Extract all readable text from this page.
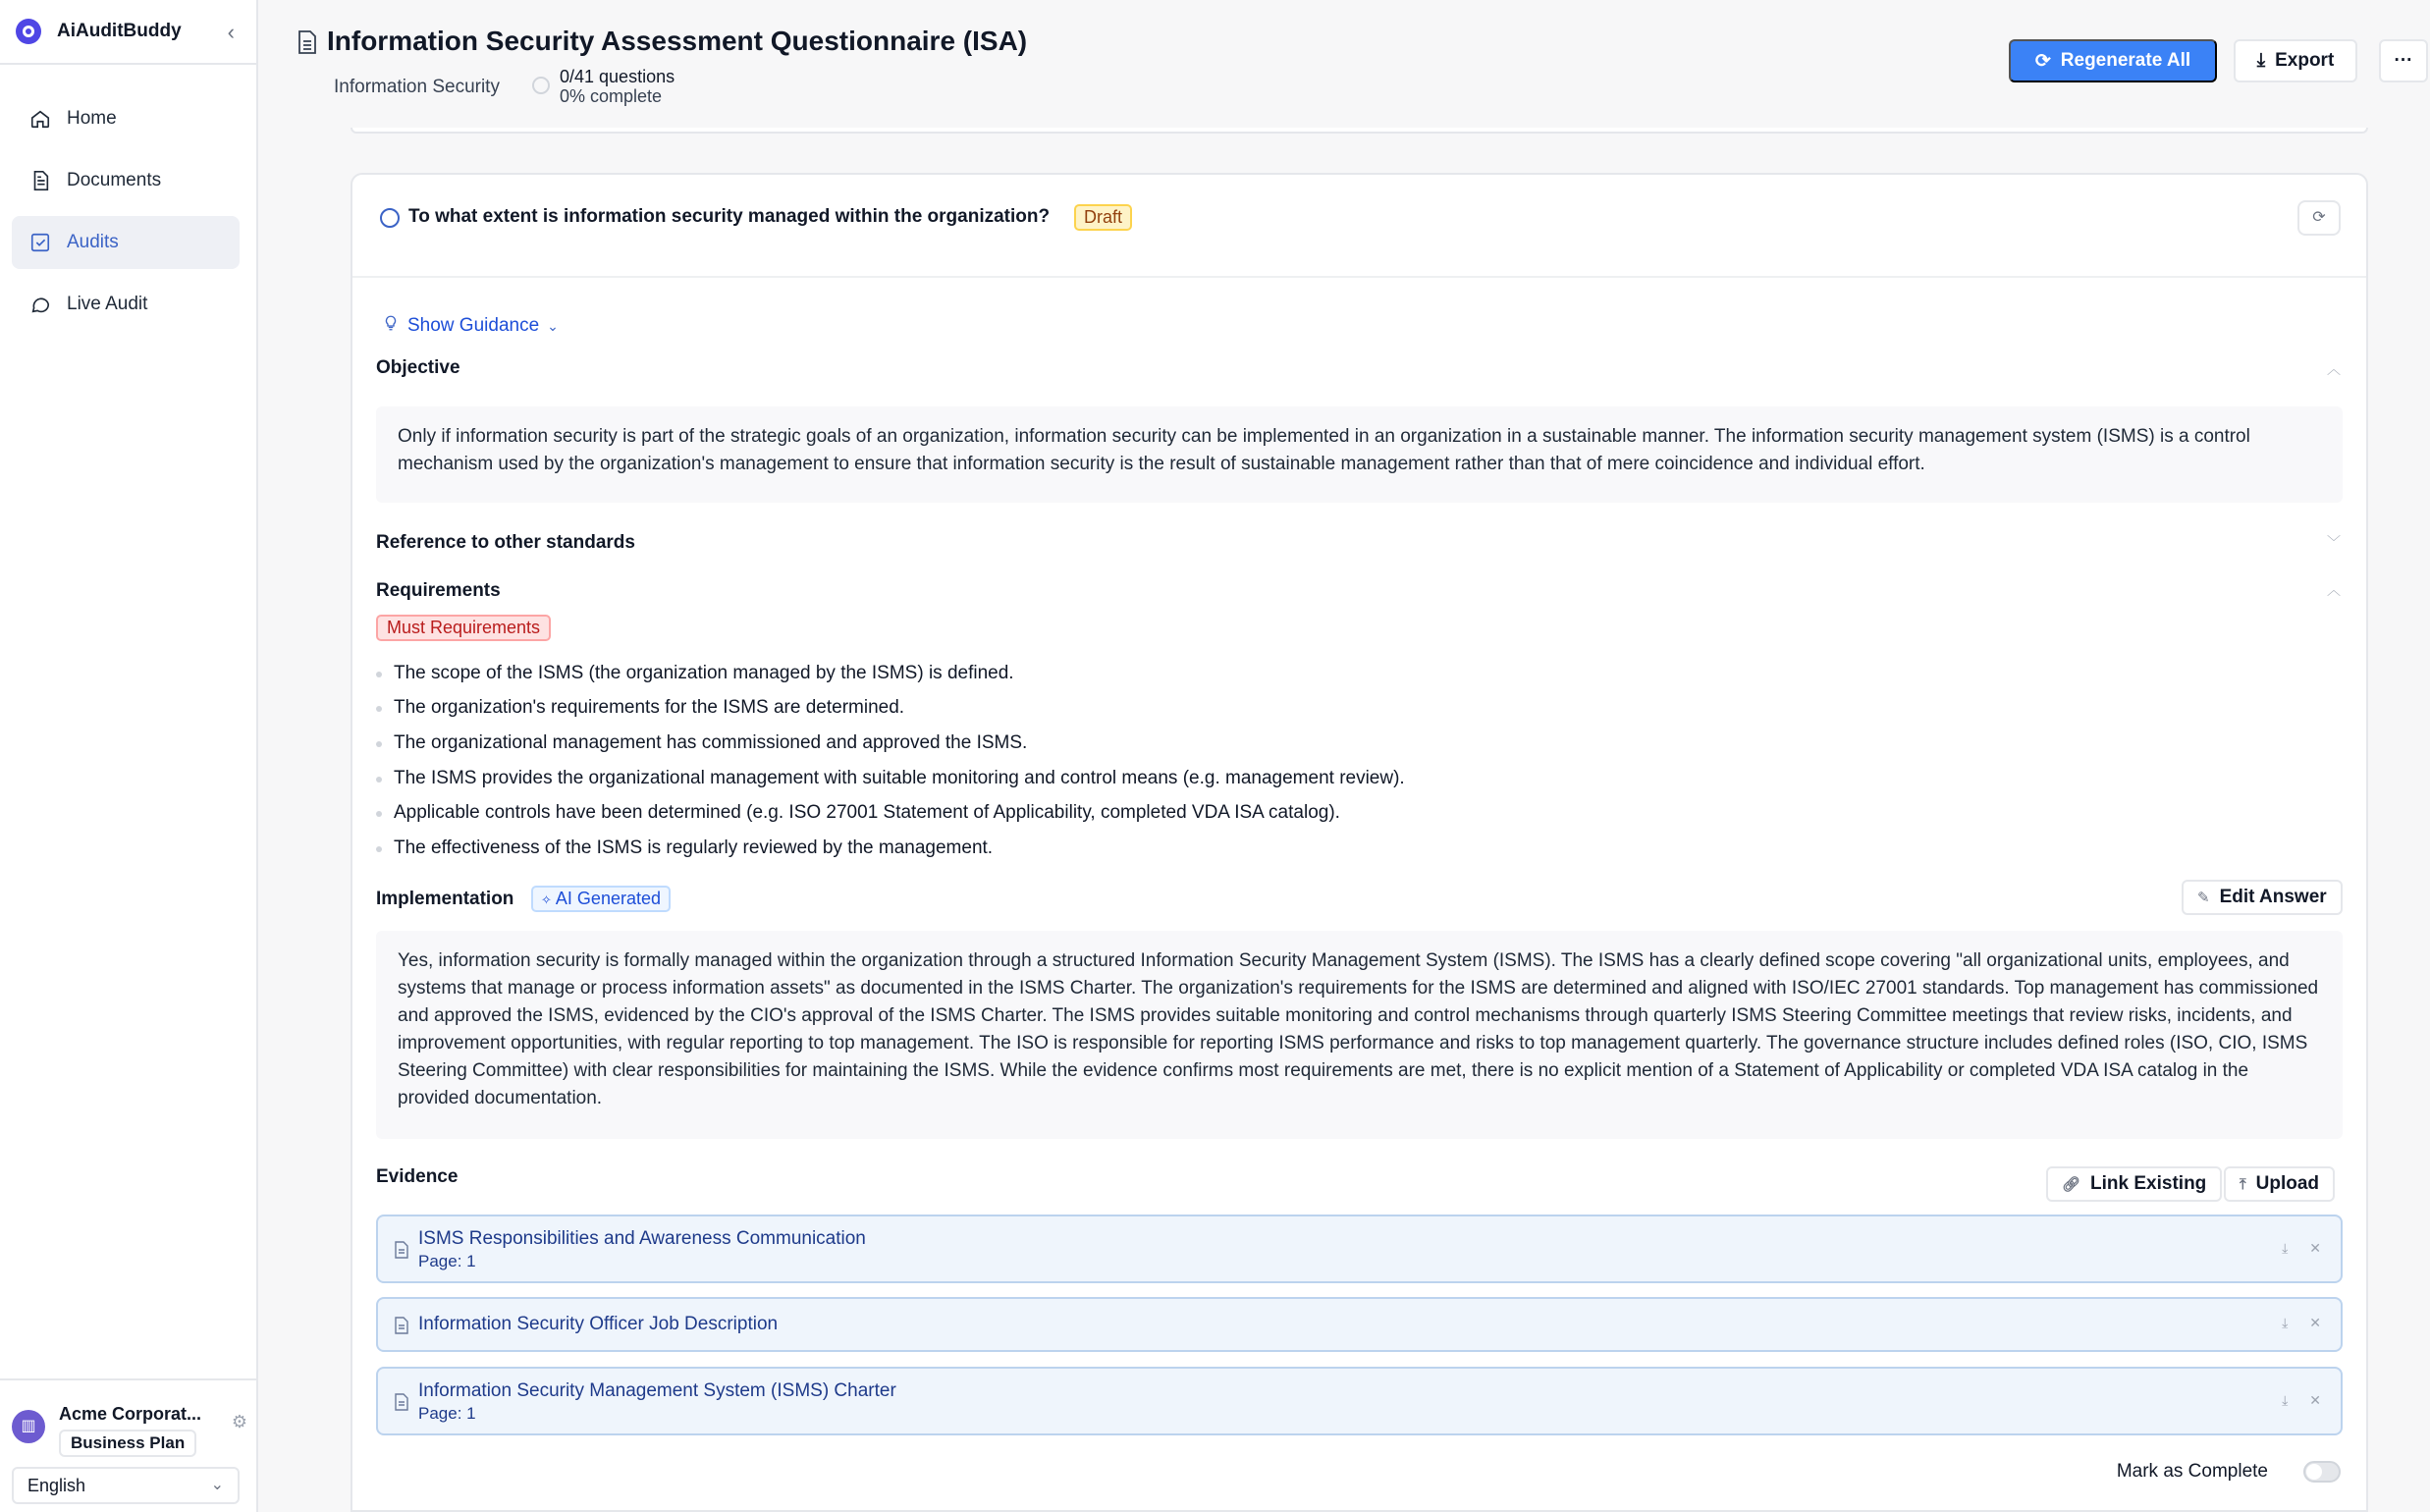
AiAuditBuddy ‹
Home
Documents
Audits
Live Audit
▥
Acme Corporat...
Business Plan
⚙
English	⌄
Information Security Assessment Questionnaire (ISA)
Information Security	0/41 questions
0% complete
⟳ Regenerate All	⤓ Export	···
To what extent is information security managed within the organization?	Draft	⟳
Show Guidance ⌄
Objective	︿
Only if information security is part of the strategic goals of an organization, information security can be implemented in an organization in a sustainable manner. The information security management system (ISMS) is a control mechanism used by the organization's management to ensure that information security is the result of sustainable management rather than that of mere coincidence and individual effort.
Reference to other standards	﹀
Requirements	︿
Must Requirements
The scope of the ISMS (the organization managed by the ISMS) is defined.
The organization's requirements for the ISMS are determined.
The organizational management has commissioned and approved the ISMS.
The ISMS provides the organizational management with suitable monitoring and control means (e.g. management review).
Applicable controls have been determined (e.g. ISO 27001 Statement of Applicability, completed VDA ISA catalog).
The effectiveness of the ISMS is regularly reviewed by the management.
Implementation	✧ AI Generated	✎ Edit Answer
Yes, information security is formally managed within the organization through a structured Information Security Management System (ISMS). The ISMS has a clearly defined scope covering "all organizational units, employees, and systems that manage or process information assets" as documented in the ISMS Charter. The organization's requirements for the ISMS are determined and aligned with ISO/IEC 27001 standards. Top management has commissioned and approved the ISMS, evidenced by the CIO's approval of the ISMS Charter. The ISMS provides suitable monitoring and control mechanisms through quarterly ISMS Steering Committee meetings that review risks, incidents, and improvement opportunities, with regular reporting to top management. The ISO is responsible for reporting ISMS performance and risks to top management quarterly. The governance structure includes defined roles (ISO, CIO, ISMS Steering Committee) with clear responsibilities for maintaining the ISMS. While the evidence confirms most requirements are met, there is no explicit mention of a Statement of Applicability or completed VDA ISA catalog in the provided documentation.
Evidence	🔗︎ Link Existing ⤒ Upload
ISMS Responsibilities and Awareness Communication
Page: 1
⤓ ✕
Information Security Officer Job Description	⤓ ✕
Information Security Management System (ISMS) Charter
Page: 1
⤓ ✕
Mark as Complete
